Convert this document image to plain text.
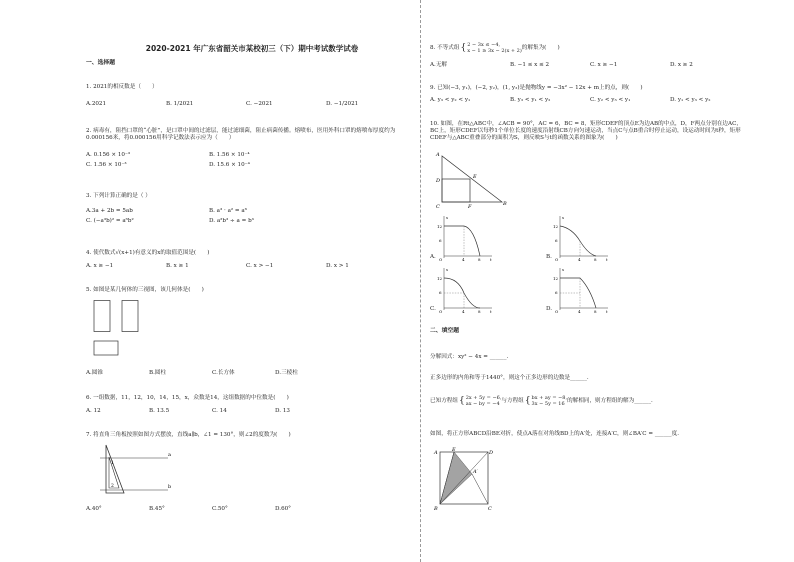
2020-2021 年广东省韶关市某校初三（下）期中考试数学试卷
一、选择题
1. 2021的相反数是（　　）
A.2021	B. 1/2021	C. −2021	D. −1/2021
2. 病毒有，阻挡口罩的“心脏”，是口罩中间的过滤层，能过滤细菌，阻止病菌传播。熔喷布，医用外科口罩的熔喷布厚度约为0.000156米，将0.000156用科学记数法表示应为（　　）
A. 0.156 × 10⁻³	B. 1.56 × 10⁻⁴
C. 1.56 × 10⁻³	D. 15.6 × 10⁻⁴
3. 下列计算正确的是（ ）
A.3a + 2b = 5ab	B. a³ · a² = a⁶
C. (−a³b)² = a⁶b²	D. a²b³ ÷ a = b³
4. 使代数式√(x+1)有意义的x的取值范围是(　　)
A. x ≥ −1	B. x ≥ 1	C. x > −1	D. x > 1
5. 如图是某几何体的三视图，该几何体是(　　)
A.圆锥	B.圆柱	C.长方体	D.三棱柱
6. 一组数据，11，12，10，14，15，x，众数是14，这组数据的中位数是(　　)
A. 12	B. 13.5	C. 14	D. 13
7. 将直角三角板按照如图方式摆放，直线a∥b，∠1 = 130°，则∠2的度数为(　　)
a
b
1
2
A.40°	B.45°	C.50°	D.60°
8. 不等式组 { 2 − 3x ≤ −4,
x − 1 ≥ 3x − 2(x + 2)
的解集为(　　)
A.无解	B. −1 ≤ x ≤ 2	C. x ≥ −1	D. x ≥ 2
9. 已知(−3, y₁)，(−2, y₂)，(1, y₃)是抛物线y = −3x² − 12x + m上的点，则(　　)
A. y₃ < y₂ < y₁	B. y₃ < y₁ < y₂	C. y₂ < y₃ < y₁	D. y₁ < y₃ < y₂
10. 如图，在Rt△ABC中，∠ACB = 90°，AC = 6，BC = 8，矩形CDEF的顶点E为边AB的中点，D，F两点分别在边AC，BC上，矩形CDEF以每秒1个单位长度的速度沿射线CB方向匀速运动，当点C与点B重合时停止运动，设运动时间为t秒，矩形CDEF与△ABC重叠部分的面积为S，则反映S与t的函数关系的图象为(　　)
A
D
E
C	F	B
A.
12
6
O	4	8 t
s
B.
12
6
O	4	8 t
s
C.
12
6
O	4	8 t
s
D.
12
6
O	4	8 t
s
二、填空题
分解因式：xy² − 4x = ______.
正多边形的内角和等于1440°，则这个正多边形的边数是______.
已知方程组 { 2x + 5y = −6,
ax − by = −4
与方程组 { bx + ay = −8,
3x − 5y = 16
的解相同，则方程组的解为______.
如图，将正方形ABCD沿BE对折，使点A落在对角线BD上的A′处，连接A′C，则∠BA′C = ______度.
A	E	D
A′
B	C
